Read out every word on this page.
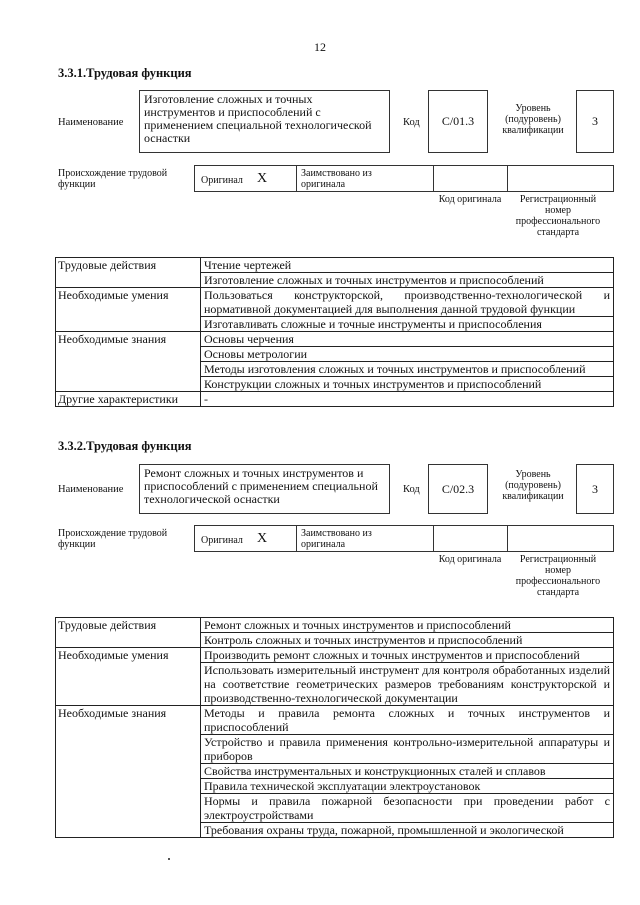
12
3.3.1.Трудовая функция
Наименование
Изготовление сложных и точных инструментов и приспособлений с применением специальной технологической оснастки
Код С/01.3
Уровень (подуровень) квалификации
3
Происхождение трудовой функции	Оригинал X	Заимствовано из оригинала
Код оригинала	Регистрационный номер профессионального стандарта
Трудовые действия	Чтение чертежей
	Изготовление сложных и точных инструментов и приспособлений
Необходимые умения	Пользоваться конструкторской, производственно-технологической и нормативной документацией для выполнения данной трудовой функции
	Изготавливать сложные и точные инструменты и приспособления
Необходимые знания	Основы черчения
	Основы метрологии
	Методы изготовления сложных и точных инструментов и приспособлений
	Конструкции сложных и точных инструментов и приспособлений
Другие характеристики	-
3.3.2.Трудовая функция
Наименование
Ремонт сложных и точных инструментов и приспособлений с применением специальной технологической оснастки
Код С/02.3
Уровень (подуровень) квалификации
3
Происхождение трудовой функции	Оригинал X	Заимствовано из оригинала
Код оригинала	Регистрационный номер профессионального стандарта
Трудовые действия	Ремонт сложных и точных инструментов и приспособлений
	Контроль сложных и точных инструментов и приспособлений
Необходимые умения	Производить ремонт сложных и точных инструментов и приспособлений
	Использовать измерительный инструмент для контроля обработанных изделий на соответствие геометрических размеров требованиям конструкторской и производственно-технологической документации
Необходимые знания	Методы и правила ремонта сложных и точных инструментов и приспособлений
	Устройство и правила применения контрольно-измерительной аппаратуры и приборов
	Свойства инструментальных и конструкционных сталей и сплавов
	Правила технической эксплуатации электроустановок
	Нормы и правила пожарной безопасности при проведении работ с электроустройствами
	Требования охраны труда, пожарной, промышленной и экологической
